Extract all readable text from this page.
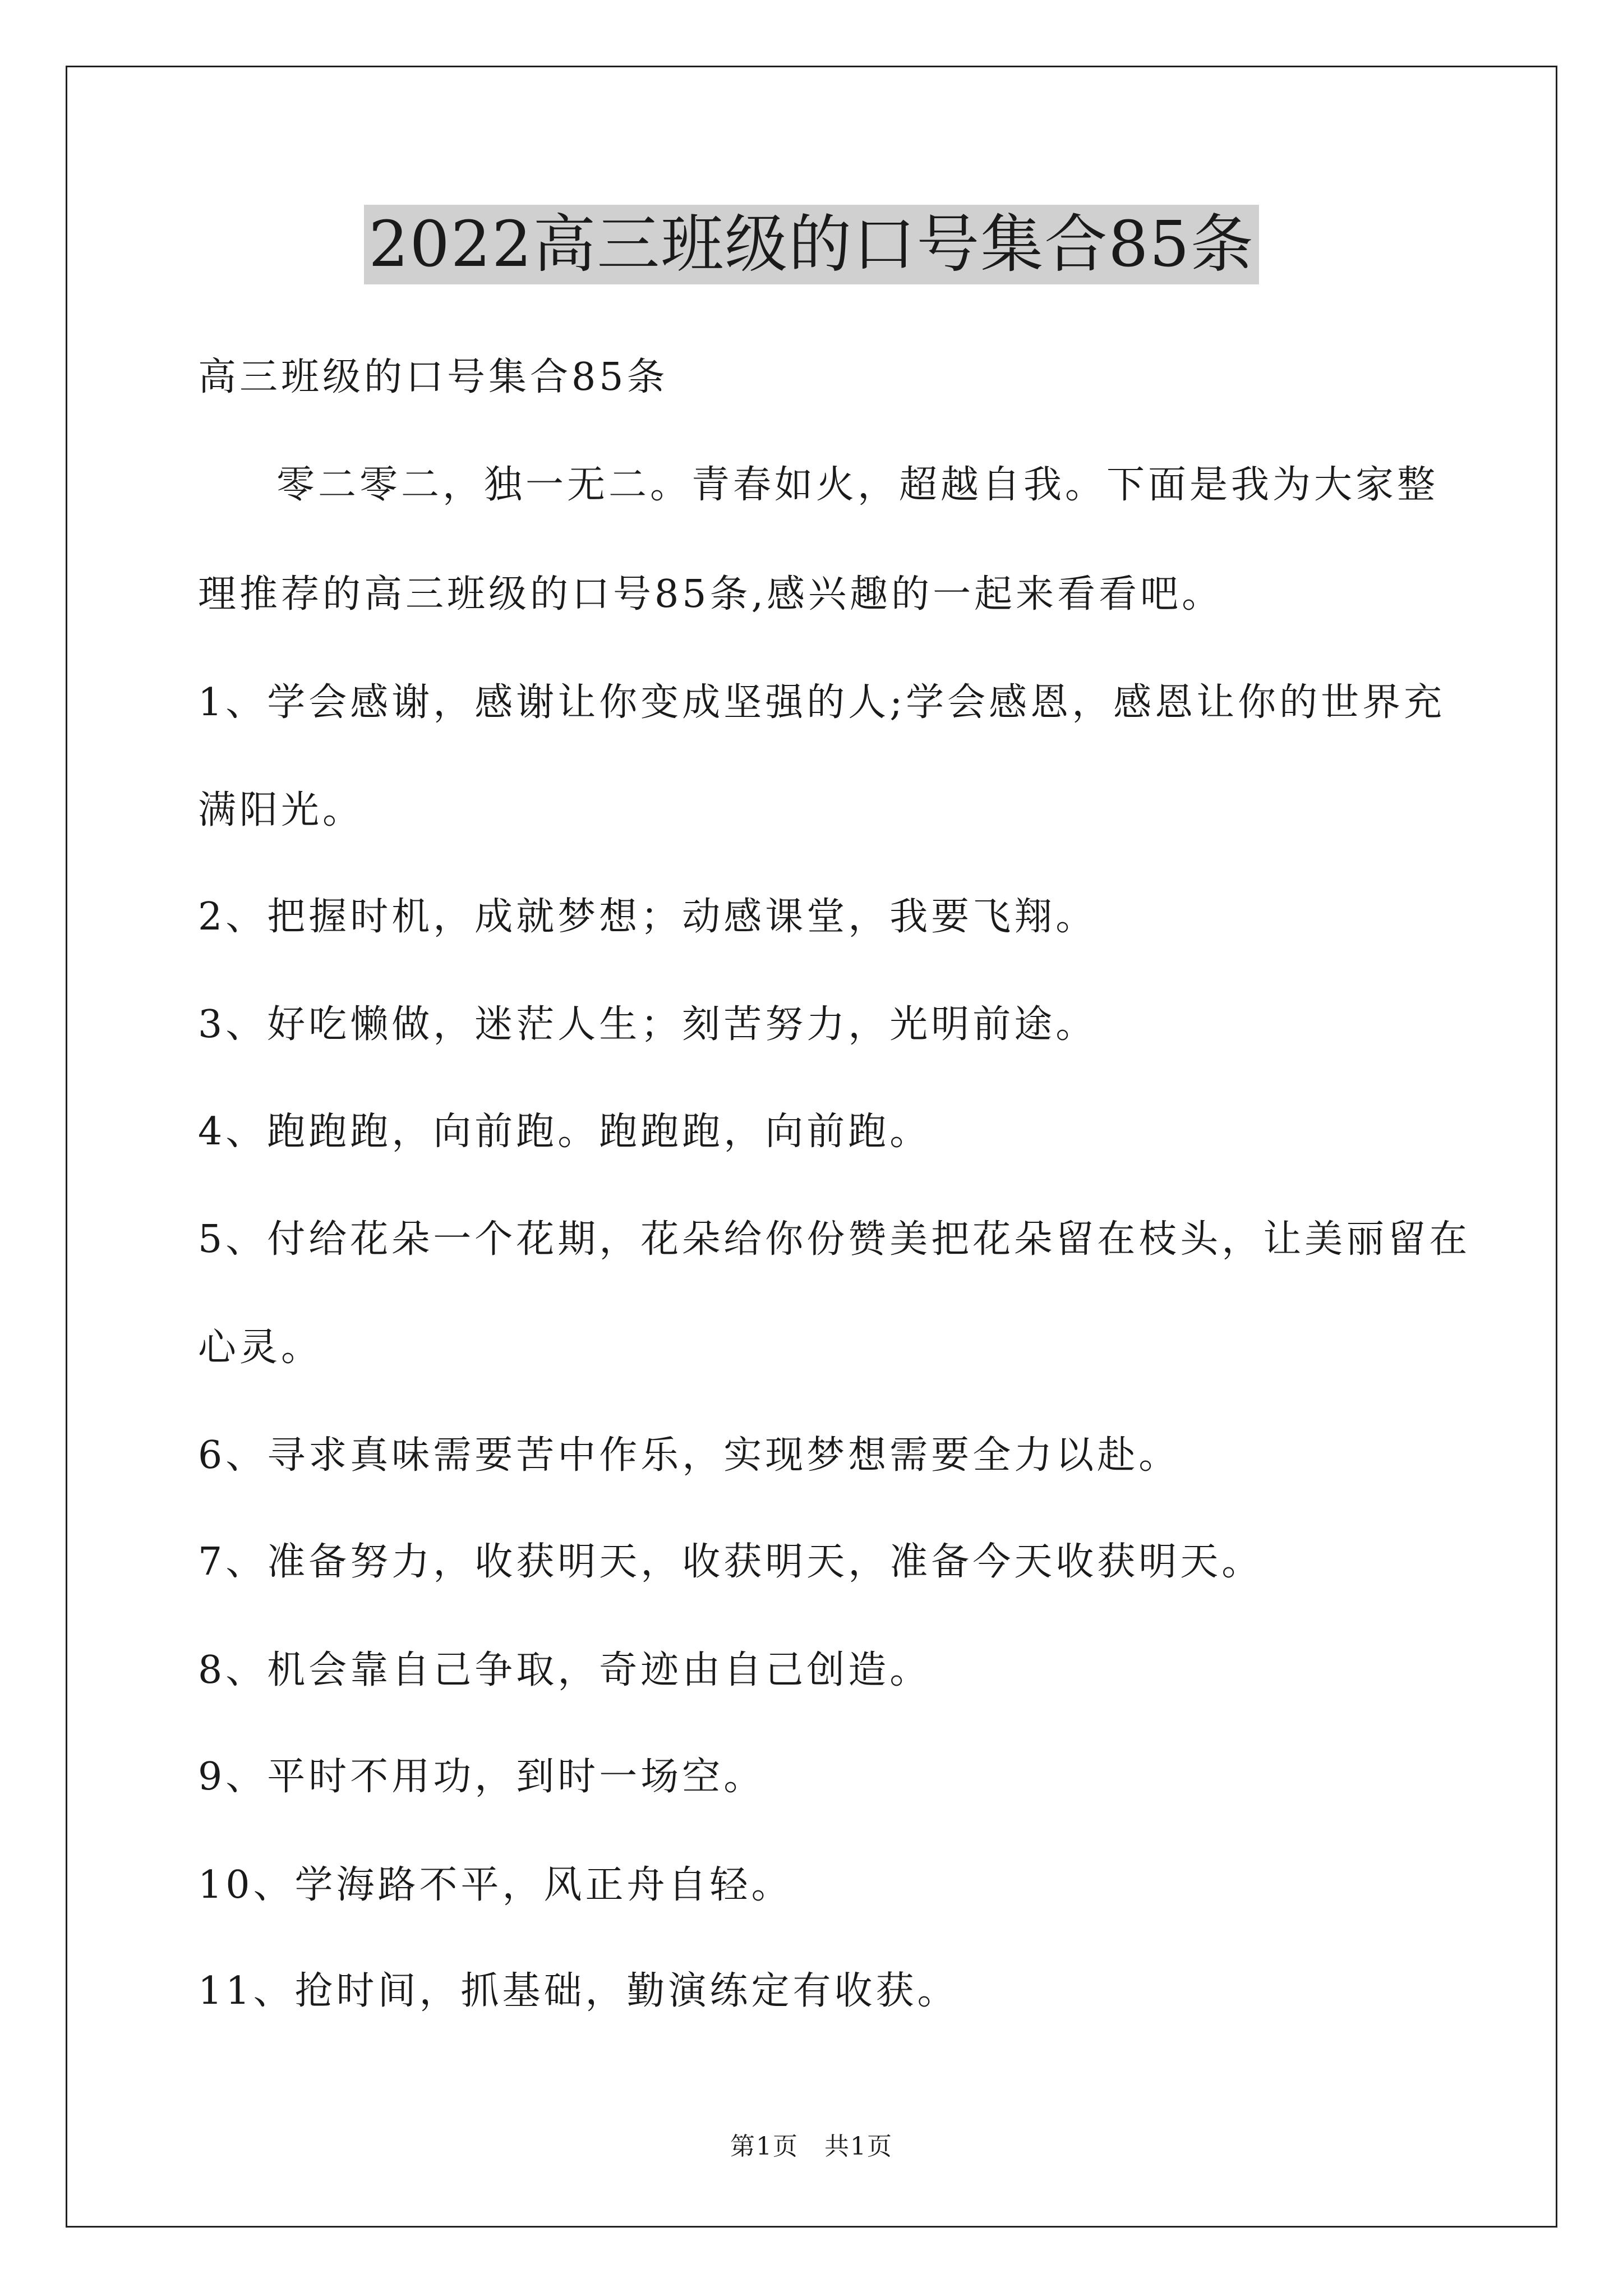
2022高三班级的口号集合85条
高三班级的口号集合85条
零二零二，独一无二。青春如火，超越自我。下面是我为大家整
理推荐的高三班级的口号85条,感兴趣的一起来看看吧。
1、学会感谢，感谢让你变成坚强的人;学会感恩，感恩让你的世界充
满阳光。
2、把握时机，成就梦想；动感课堂，我要飞翔。
3、好吃懒做，迷茫人生；刻苦努力，光明前途。
4、跑跑跑，向前跑。跑跑跑，向前跑。
5、付给花朵一个花期，花朵给你份赞美把花朵留在枝头，让美丽留在
心灵。
6、寻求真味需要苦中作乐，实现梦想需要全力以赴。
7、准备努力，收获明天，收获明天，准备今天收获明天。
8、机会靠自己争取，奇迹由自己创造。
9、平时不用功，到时一场空。
10、学海路不平，风正舟自轻。
11、抢时间，抓基础，勤演练定有收获。
第1页　共1页
